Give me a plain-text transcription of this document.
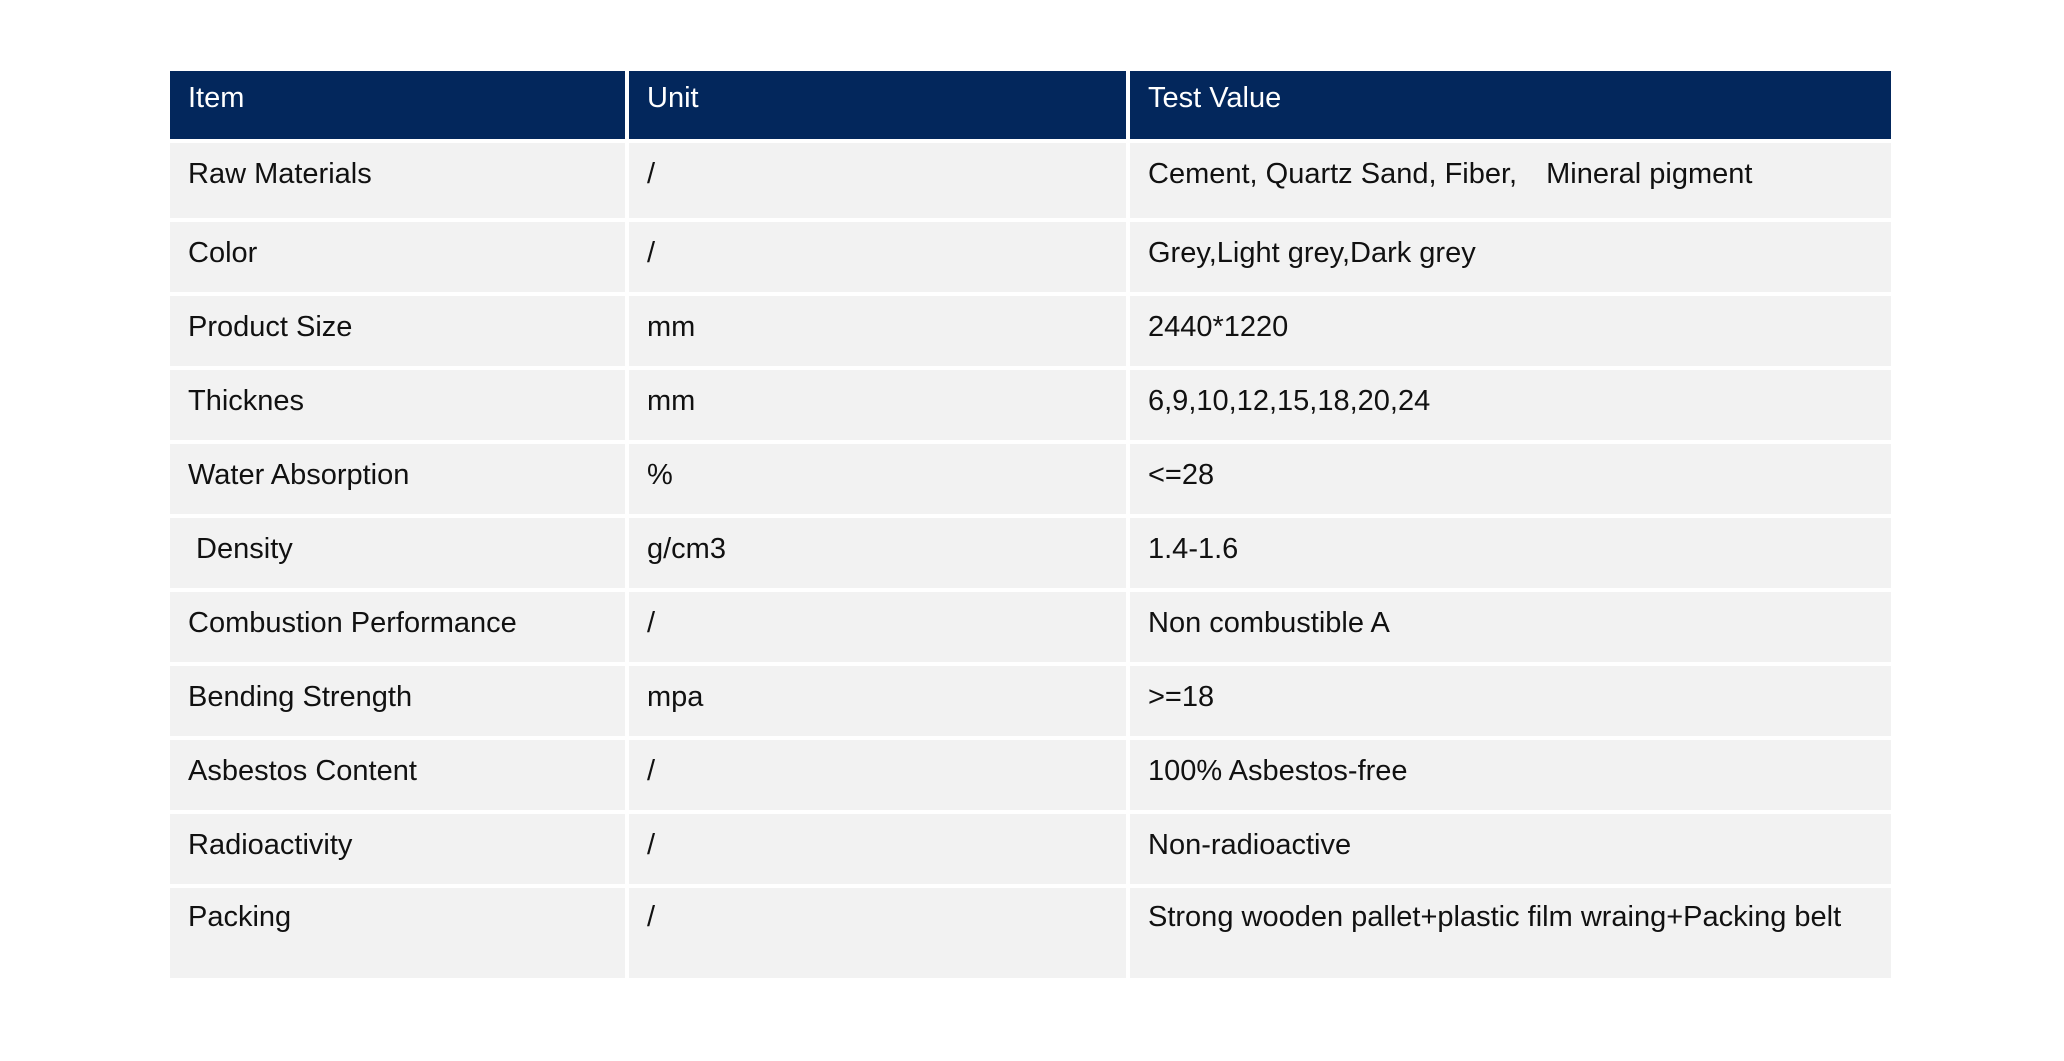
Item	Unit	Test Value
Raw Materials	/	Cement, Quartz Sand, Fiber,　Mineral pigment
Color	/	Grey,Light grey,Dark grey
Product Size	mm	2440*1220
Thicknes	mm	6,9,10,12,15,18,20,24
Water Absorption	%	<=28
Density	g/cm3	1.4-1.6
Combustion Performance	/	Non combustible A
Bending Strength	mpa	>=18
Asbestos Content	/	100% Asbestos-free
Radioactivity	/	Non-radioactive
Packing	/	Strong wooden pallet+plastic film wraing+Packing belt
